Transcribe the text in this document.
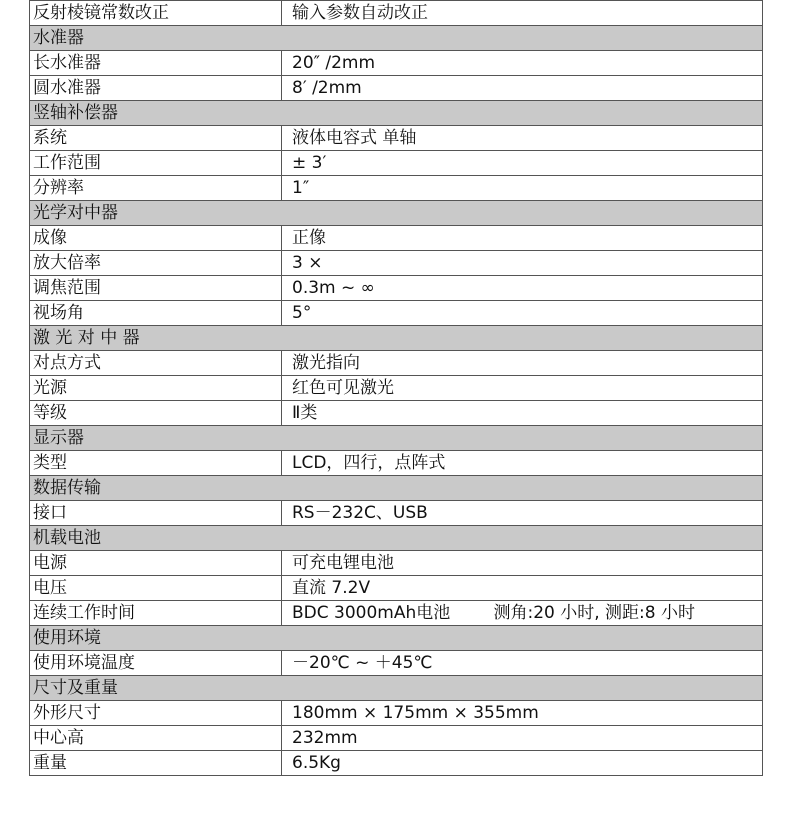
反射棱镜常数改正	输入参数自动改正
水准器	
长水准器	20″ /2mm
圆水准器	8′ /2mm
竖轴补偿器	
系统	液体电容式 单轴
工作范围	± 3′
分辨率	1″
光学对中器	
成像	正像
放大倍率	3 ×
调焦范围	0.3m ~ ∞
视场角	5°
激 光 对 中 器	
对点方式	激光指向
光源	红色可见激光
等级	Ⅱ类
显示器	
类型	LCD，四行，点阵式
数据传输	
接口	RS－232C、USB
机载电池	
电源	可充电锂电池
电压	直流 7.2V
连续工作时间	BDC 3000mAh电池        测角:20 小时, 测距:8 小时
使用环境	
使用环境温度	－20℃ ~ ＋45℃
尺寸及重量	
外形尺寸	180mm × 175mm × 355mm
中心高	232mm
重量	6.5Kg
